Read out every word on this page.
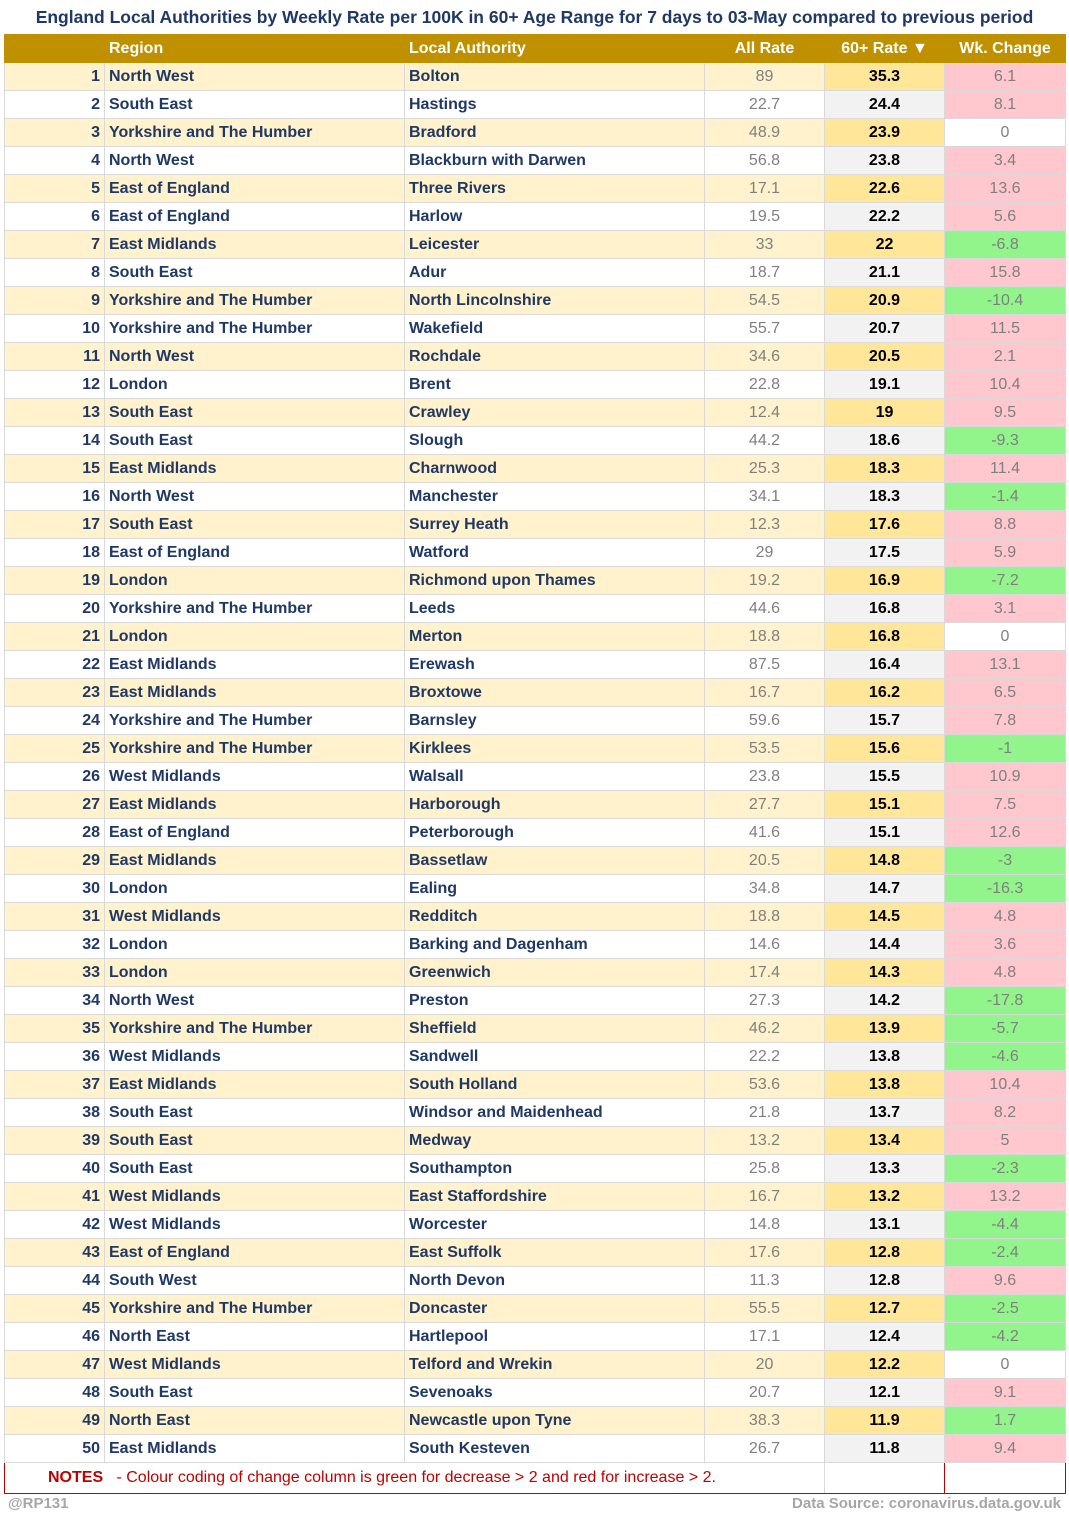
England Local Authorities by Weekly Rate per 100K in 60+ Age Range for 7 days to 03-May compared to previous period
	Region	Local Authority	All Rate	60+ Rate ▼	Wk. Change
1	North West	Bolton	89	35.3	6.1
2	South East	Hastings	22.7	24.4	8.1
3	Yorkshire and The Humber	Bradford	48.9	23.9	0
4	North West	Blackburn with Darwen	56.8	23.8	3.4
5	East of England	Three Rivers	17.1	22.6	13.6
6	East of England	Harlow	19.5	22.2	5.6
7	East Midlands	Leicester	33	22	-6.8
8	South East	Adur	18.7	21.1	15.8
9	Yorkshire and The Humber	North Lincolnshire	54.5	20.9	-10.4
10	Yorkshire and The Humber	Wakefield	55.7	20.7	11.5
11	North West	Rochdale	34.6	20.5	2.1
12	London	Brent	22.8	19.1	10.4
13	South East	Crawley	12.4	19	9.5
14	South East	Slough	44.2	18.6	-9.3
15	East Midlands	Charnwood	25.3	18.3	11.4
16	North West	Manchester	34.1	18.3	-1.4
17	South East	Surrey Heath	12.3	17.6	8.8
18	East of England	Watford	29	17.5	5.9
19	London	Richmond upon Thames	19.2	16.9	-7.2
20	Yorkshire and The Humber	Leeds	44.6	16.8	3.1
21	London	Merton	18.8	16.8	0
22	East Midlands	Erewash	87.5	16.4	13.1
23	East Midlands	Broxtowe	16.7	16.2	6.5
24	Yorkshire and The Humber	Barnsley	59.6	15.7	7.8
25	Yorkshire and The Humber	Kirklees	53.5	15.6	-1
26	West Midlands	Walsall	23.8	15.5	10.9
27	East Midlands	Harborough	27.7	15.1	7.5
28	East of England	Peterborough	41.6	15.1	12.6
29	East Midlands	Bassetlaw	20.5	14.8	-3
30	London	Ealing	34.8	14.7	-16.3
31	West Midlands	Redditch	18.8	14.5	4.8
32	London	Barking and Dagenham	14.6	14.4	3.6
33	London	Greenwich	17.4	14.3	4.8
34	North West	Preston	27.3	14.2	-17.8
35	Yorkshire and The Humber	Sheffield	46.2	13.9	-5.7
36	West Midlands	Sandwell	22.2	13.8	-4.6
37	East Midlands	South Holland	53.6	13.8	10.4
38	South East	Windsor and Maidenhead	21.8	13.7	8.2
39	South East	Medway	13.2	13.4	5
40	South East	Southampton	25.8	13.3	-2.3
41	West Midlands	East Staffordshire	16.7	13.2	13.2
42	West Midlands	Worcester	14.8	13.1	-4.4
43	East of England	East Suffolk	17.6	12.8	-2.4
44	South West	North Devon	11.3	12.8	9.6
45	Yorkshire and The Humber	Doncaster	55.5	12.7	-2.5
46	North East	Hartlepool	17.1	12.4	-4.2
47	West Midlands	Telford and Wrekin	20	12.2	0
48	South East	Sevenoaks	20.7	12.1	9.1
49	North East	Newcastle upon Tyne	38.3	11.9	1.7
50	East Midlands	South Kesteven	26.7	11.8	9.4
NOTES - Colour coding of change column is green for decrease > 2 and red for increase > 2.					
@RP131	Data Source: coronavirus.data.gov.uk
